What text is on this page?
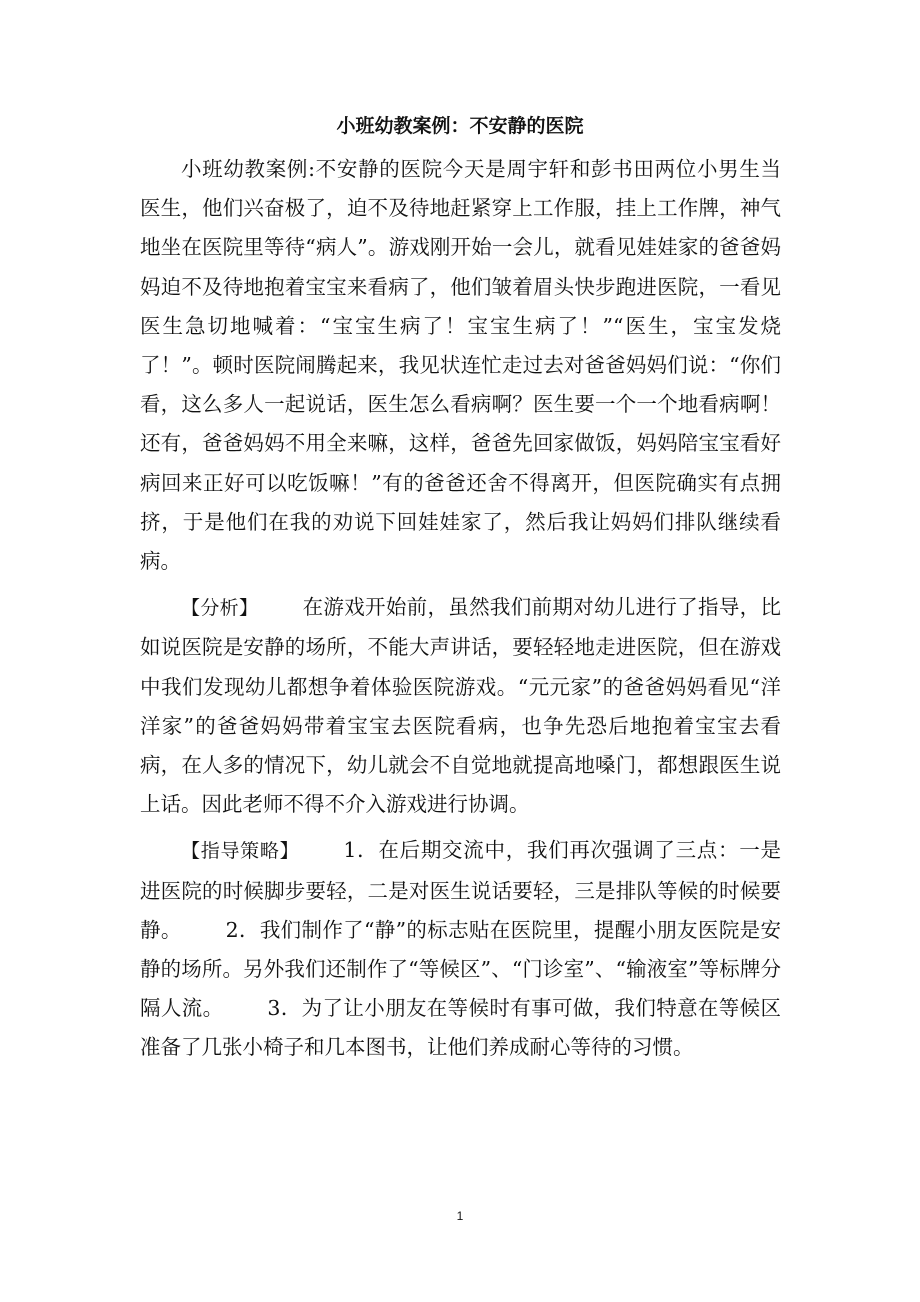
小班幼教案例：不安静的医院

小班幼教案例:不安静的医院今天是周宇轩和彭书田两位小男生当医生，他们兴奋极了，迫不及待地赶紧穿上工作服，挂上工作牌，神气地坐在医院里等待“病人”。游戏刚开始一会儿，就看见娃娃家的爸爸妈妈迫不及待地抱着宝宝来看病了，他们皱着眉头快步跑进医院，一看见医生急切地喊着：“宝宝生病了！宝宝生病了！”“医生，宝宝发烧了！”。顿时医院闹腾起来，我见状连忙走过去对爸爸妈妈们说：“你们看，这么多人一起说话，医生怎么看病啊？医生要一个一个地看病啊！还有，爸爸妈妈不用全来嘛，这样，爸爸先回家做饭，妈妈陪宝宝看好病回来正好可以吃饭嘛！”有的爸爸还舍不得离开，但医院确实有点拥挤，于是他们在我的劝说下回娃娃家了，然后我让妈妈们排队继续看病。

【分析】 在游戏开始前，虽然我们前期对幼儿进行了指导，比如说医院是安静的场所，不能大声讲话，要轻轻地走进医院，但在游戏中我们发现幼儿都想争着体验医院游戏。“元元家”的爸爸妈妈看见“洋洋家”的爸爸妈妈带着宝宝去医院看病，也争先恐后地抱着宝宝去看病，在人多的情况下，幼儿就会不自觉地就提高地嗓门，都想跟医生说上话。因此老师不得不介入游戏进行协调。

【指导策略】 1．在后期交流中，我们再次强调了三点：一是进医院的时候脚步要轻，二是对医生说话要轻，三是排队等候的时候要静。 2．我们制作了“静”的标志贴在医院里，提醒小朋友医院是安静的场所。另外我们还制作了“等候区”、“门诊室”、“输液室”等标牌分隔人流。 3．为了让小朋友在等候时有事可做，我们特意在等候区准备了几张小椅子和几本图书，让他们养成耐心等待的习惯。

1
